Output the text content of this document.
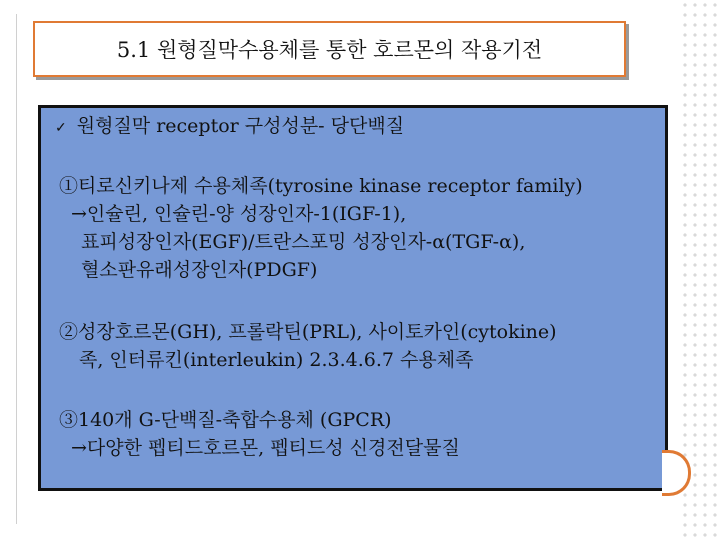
5.1 원형질막수용체를 통한 호르몬의 작용기전
✓ 원형질막 receptor 구성성분- 당단백질
①티로신키나제 수용체족(tyrosine kinase receptor family)
→인슐린, 인슐린-양 성장인자-1(IGF-1),
표피성장인자(EGF)/트란스포밍 성장인자-α(TGF-α),
혈소판유래성장인자(PDGF)
②성장호르몬(GH), 프롤락틴(PRL), 사이토카인(cytokine)
족, 인터류킨(interleukin) 2.3.4.6.7 수용체족
③140개 G-단백질-축합수용체 (GPCR)
→다양한 펩티드호르몬, 펩티드성 신경전달물질
